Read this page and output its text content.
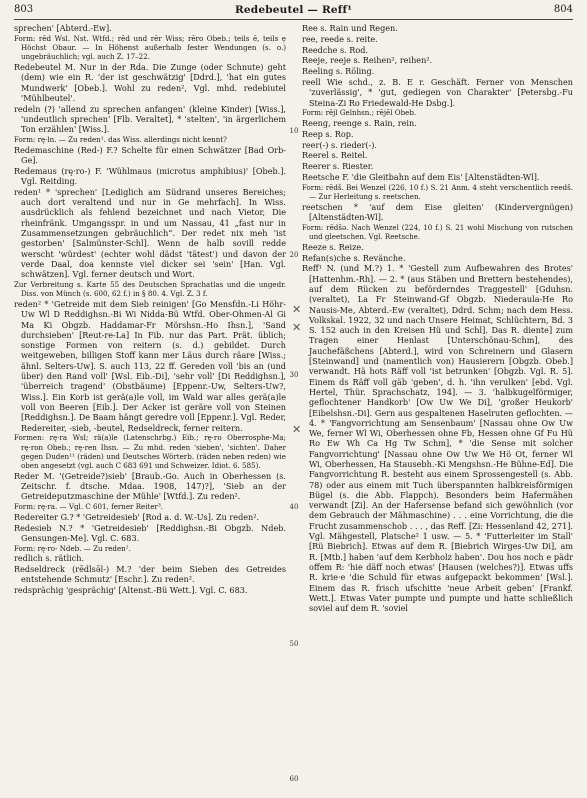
803	Redebeutel — Reff¹	804

sprechen' [Abterd.-Ew].

Form: rēd Wsl. Nst. Wtfd.; rēd und rēr Wiss; rēro Obeb.; teils ē, teils ẹ Höchst Obaur. — In Höhenst außerhalb fester Wendungen (s. o.) ungebräuchlich; vgl. auch Z. 17–22.

Redebeutel M. Nur in der Rda. Die Zunge (oder Schnute) geht (dem) wie ein R. 'der ist geschwätzig' [Ddrd.], 'hat ein gutes Mundwerk' [Obeb.]. Wohl zu reden², Vgl. mhd. redebiutel 'Mühlbeutel'.

redeln (?) 'allend zu sprechen anfangen' (kleine Kinder) [Wiss.], 'undeutlich sprechen' [Flb. Veraltet], * 'stelten', 'in ärgerlichem Ton erzählen' [Wiss.].

Form: rę·ln. — Zu reden¹. das Wiss. allerdings nicht kennt?

Redemaschine (Red-) F.? Schelte für einen Schwätzer [Bad Orb-Ge].

Redemaus (rę·ro-) F. 'Wühlmaus (microtus amphibius)' [Obeb.]. Vgl. Reitding.

reden¹ * 'sprechen' [Lediglich am Südrand unseres Bereiches; auch dort veraltend und nur in Ge mehrfach]. In Wiss. ausdrücklich als fehlend bezeichnet und nach Vietor, Die rheinfränk. Umgangsspr. in und um Nassau, 41 „fast nur in Zusammensetzungen gebräuchlich“. Der redet nix meh 'ist gestorben' [Salmünster-Schl]. Wenn de halb sovill redde werscht 'würdest' (echter wohl dädst 'tätest') und davon der verde Daal, doa kennste viel dicker sei 'sein' [Han. Vgl. schwätzen]. Vgl. ferner deutsch und Wort.

Zur Verbreitung s. Karte 55 des Deutschen Sprachatlas und die ungedr. Diss. von Münch (s. 600, 62 f.) in § 80. 4. Vgl. Z. 3 f.

reden² * 'Getreide mit dem Sieb reinigen' [Go Mensfdn.-Li Höhr-Uw Wl D Reddighsn.-Bi Wi Nidda-Bü Wtfd. Ober-Ohmen-Al Gi Ma Ki Obgzb. Haddamar-Fr Mörshsn.-Ho Ihsn.], 'Sand durchsieben' [Reut-re-La] In Fib. nur das Part. Prät. üblich; sonstige Formen von reitern (s. d.) gebildet. Durch weitgeweben, billigen Stoff kann mer Läus durch räare [Wiss.; ähnl. Selters-Uw]. S. auch 113, 22 ff. Gereden voll 'bis an (und über) den Rand voll' [Wsl. Eib.-Di], 'sehr voll' [Di Reddighsn.], 'überreich tragend' (Obstbäume) [Eppenr.-Uw, Selters-Uw?, Wiss.]. Ein Korb ist gerä(a)le voll, im Wald war alles gerä(a)le voll von Beeren [Eib.]. Der Acker ist geräre voll von Steinen [Reddighsn.]. De Baam hängt geredre voll [Eppenr.]. Vgl. Reder, Redereiter, -sieb, -beutel, Redseldreck, ferner reitern.

Formen: rę·ra Wsl; rä(a)le (Latenschrbg.) Eib.; rę·ro Oberrosphe-Ma; rę·ron Obeb.; rę·ren Ihsn. — Zu mhd. reden 'sieben', 'sichten'. Daher gegen Duden¹¹ (räden) und Deutsches Wörterb. (räden neben reden) wie oben angesetzt (vgl. auch C 683 691 und Schweizer. Idiot. 6. 585).

Reder M. '(Getreide?)sieb' [Braub.-Go. Auch in Oberhessen (s. Zeitschr. f. dtsche. Mdaa. 1908, 147)?], 'Sieb an der Getreideputzmaschine der Mühle' [Wtfd.]. Zu reden².

Form: rę·ra. — Vgl. C 601, ferner Reiter³.

Redereiter G.? * 'Getreidesieb' [Rod a. d. W.-Us]. Zu reden².

Redesieb N.? * 'Getreidesieb' [Reddighsn.-Bi Obgzb. Ndeb. Gensungen-Me]. Vgl. C. 683.

Form: rę·ro- Ndeb. — Zu reden².

redlich s. rätlich.

Redseldreck (rēdlsə̄l-) M.? 'der beim Sieben des Getreides entstehende Schmutz' [Eschr.]. Zu reden².

redsprächig 'gesprächig' [Altenst.-Bü Wett.]. Vgl. C. 683.

10
20
30
40
50
60
✕
✕
✕

Ree s. Rain und Regen.

ree, reede s. reite.

Reedche s. Rod.

Reeje, reeje s. Reihen², reihen².

Reeling s. Röling.

reell Wie schd., z. B. E r. Geschäft. Ferner von Menschen 'zuverlässig', * 'gut, gediegen von Charakter' [Petersbg.-Fu Steina-Zi Ro Friedewald-He Dsbg.].

Form: rējl Gelnhsn.; rējēl Obeb.

Reeng, reenge s. Rain, rein.

Reep s. Rop.

reer(-) s. rieder(-).

Reerel s. Reitel.

Reerer s. Riester.

Reetsche F. 'die Gleitbahn auf dem Eis' [Altenstädten-Wl].

Form: rēdš. Bei Wenzel (226, 10 f.) S. 21 Anm. 4 steht verschentlich reedš. — Zur Herleitung s. reetschen.

reetschen * 'auf dem Eise gleiten' (Kindervergnügen) [Altenstädten-Wl].

Form: rēdšə. Nach Wenzel (224, 10 f.) S. 21 wohl Mischung von rutschen und gleetschen. Vgl. Reetsche.

Reeze s. Reize.

Refan(s)che s. Revänche.

Reff¹ N. (und M.?) 1. * 'Gestell zum Aufbewahren des Brotes' [Hattenhm.-Rh]. — 2. * (aus Stäben und Brettern bestehendes), auf dem Rücken zu beförderndes Traggestell' [Gduhsn. (veraltet), La Fr Steinwand-Gf Obgzb. Niederaula-He Ro Nausis-Me, Abterd.-Ew (veraltet), Ddrd. Schm; nach dem Hess. Volkskal. 1922, 32 und nach Unsere Heimat, Schlüchtern, Bd. 3 S. 152 auch in den Kreisen Hü und Schl]. Das R. diente] zum Tragen einer Henlast [Unterschönau-Schm], des Jauchefäßchens [Abterd.], wird von Schreinern und Glasern [Steinwand] und (namentlich von) Hausierern [Obgzb. Obeb.] verwandt. Hä hots Räff voll 'ist betrunken' [Obgzb. Vgl. R. 5]. Einem ds Räff voll gäb 'geben', d. h. 'ihn verulken' [ebd. Vgl. Hertel, Thür. Sprachschatz, 194]. — 3. 'halbkugelförmiger, geflochtener Handkorb' [Ow Uw We Di], 'großer Heukorb' [Eibelshsn.-Di]. Gern aus gespaltenen Haselruten geflochten. — 4. * 'Fangvorrichtung am Sensenbaum' [Nassau ohne Ow Uw We, ferner Wl Wi, Oberhessen ohne Fb, Hessen ohne Gf Fu Hü Ro Ew Wh Ca Hg Tw Schm], * 'die Sense mit solcher Fangvorrichtung' [Nassau ohne Ow Uw We Hö Ot, ferner Wl Wi, Oberhessen, Ha Stausebh.-Ki Mengshsn.-He Bühne-Ed]. Die Fangvorrichtung R. besteht aus einem Sprossengestell (s. Abb. 78) oder aus einem mit Tuch überspannten halbkreisförmigen Bügel (s. die Abb. Flappch). Besonders beim Hafermähen verwandt [Zi]. An der Hafersense befand sich gewöhnlich (vor dem Gebrauch der Mähmaschine) . . . eine Vorrichtung, die die Frucht zusammenschob . . . , das Reff. [Zi: Hessenland 42, 271]. Vgl. Mähgestell, Platsche² 1 usw. — 5. * 'Futterleiter im Stall' [Rü Biebrich]. Etwas auf dem R. [Biebrich Wirges-Uw Di], am R. [Mtb.] haben 'auf dem Kerbholz haben'. Dou hos noch e pädr offem R: 'hie däff noch etwas' [Hausen (welches?)]. Etwas uffs R. krie·e 'die Schuld für etwas aufgepackt bekommen' [Wsl.]. Einem das R. frisch ufschitte 'neue Arbeit geben' [Frankf. Wett.]. Etwas Vater pumpte und pumpte und hatte schließlich soviel auf dem R. 'soviel
